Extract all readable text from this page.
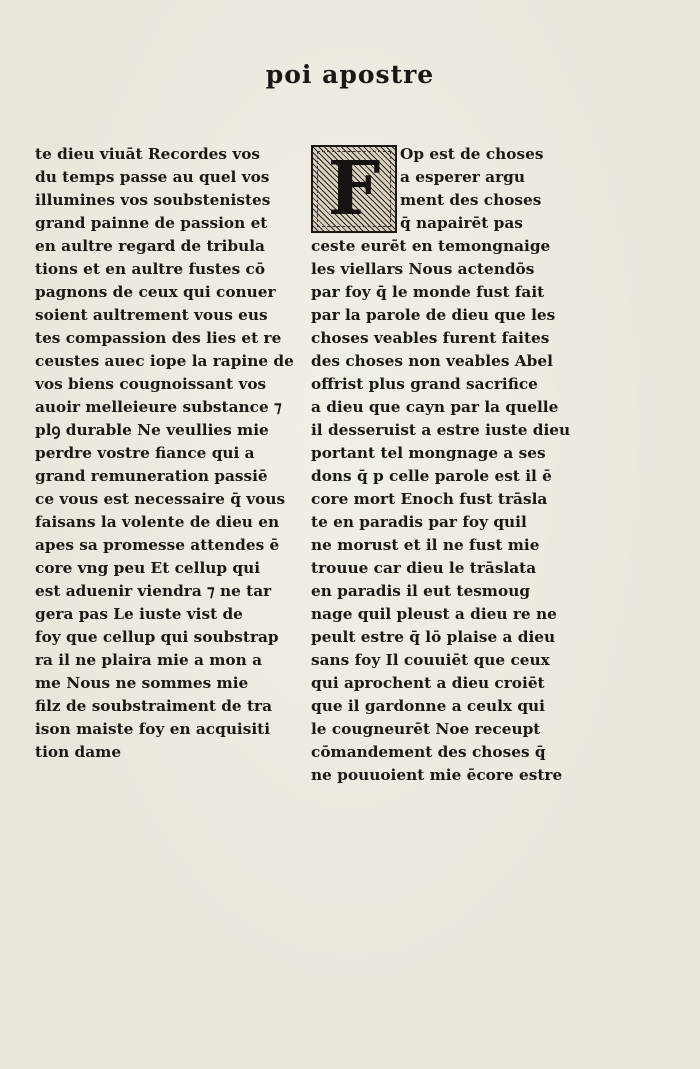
poi apostre
te dieu viuāt Recordes vos
du temps passe au quel vos
illumines vos soubstenistes
grand painne de passion et
en aultre regard de tribula
tions et en aultre fustes cō
pagnons de ceux qui conuer
soient aultrement vous eus
tes compassion des lies et re
ceustes auec iope la rapine de
vos biens cougnoissant vos
auoir melleieure substance ⁊
plꝯ durable Ne veullies mie
perdre vostre fiance qui a
grand remuneration passiē
ce vous est necessaire q̄ vous
faisans la volente de dieu en
apes sa promesse attendes ē
core vng peu Et cellup qui
est aduenir viendra ⁊ ne tar
gera pas Le iuste vist de
foy que cellup qui soubstrap
ra il ne plaira mie a mon a
me Nous ne sommes mie
filz de soubstraiment de tra
ison maiste foy en acquisiti
tion dame
F	Op est de choses
a esperer argu
ment des choses
q̄ napairēt pas
ceste eurēt en temongnaige
les viellars Nous actendōs
par foy q̄ le monde fust fait
par la parole de dieu que les
choses veables furent faites
des choses non veables Abel
offrist plus grand sacrifice
a dieu que cayn par la quelle
il desseruist a estre iuste dieu
portant tel mongnage a ses
dons q̄ p celle parole est il ē
core mort Enoch fust trāsla
te en paradis par foy quil
ne morust et il ne fust mie
trouue car dieu le trāslata
en paradis il eut tesmoug
nage quil pleust a dieu re ne
peult estre q̄ lō plaise a dieu
sans foy Il couuiēt que ceux
qui aprochent a dieu croiēt
que il gardonne a ceulx qui
le cougneurēt Noe receupt
cōmandement des choses q̄
ne pouuoient mie ēcore estre
